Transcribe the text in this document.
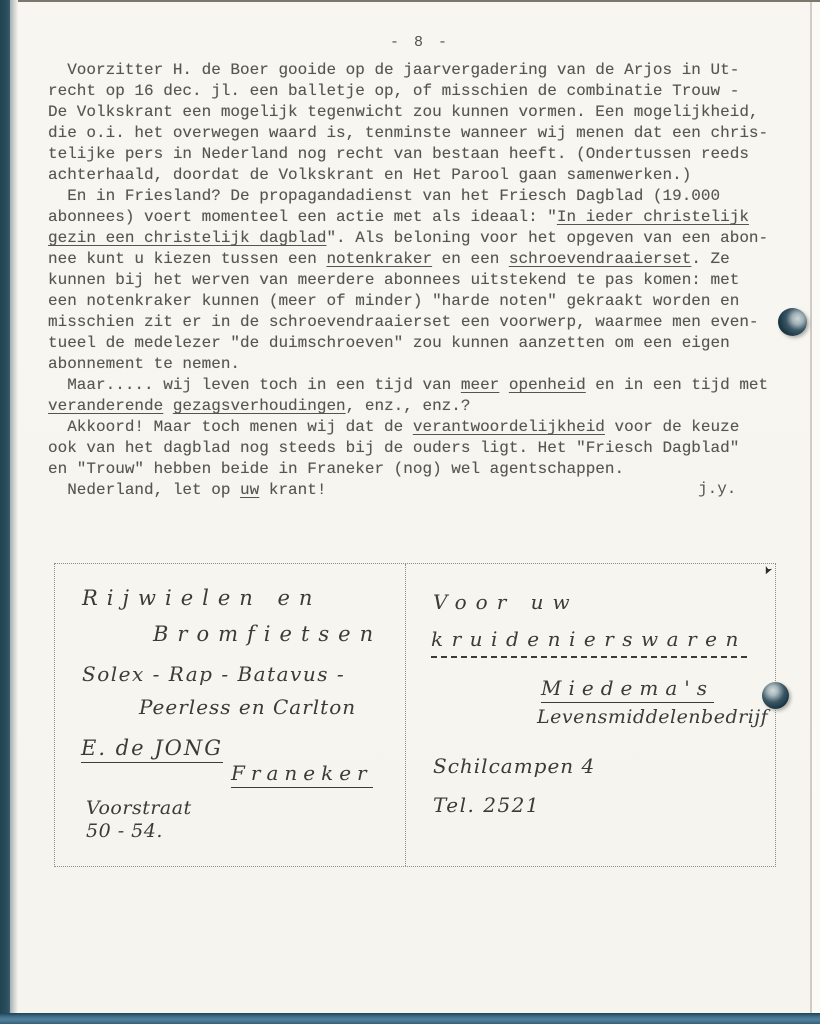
- 8 -
Voorzitter H. de Boer gooide op de jaarvergadering van de Arjos in Ut-
recht op 16 dec. jl. een balletje op, of misschien de combinatie Trouw -
De Volkskrant een mogelijk tegenwicht zou kunnen vormen. Een mogelijkheid,
die o.i. het overwegen waard is, tenminste wanneer wij menen dat een chris-
telijke pers in Nederland nog recht van bestaan heeft. (Ondertussen reeds
achterhaald, doordat de Volkskrant en Het Parool gaan samenwerken.)
En in Friesland? De propagandadienst van het Friesch Dagblad (19.000
abonnees) voert momenteel een actie met als ideaal: "In ieder christelijk
gezin een christelijk dagblad". Als beloning voor het opgeven van een abon-
nee kunt u kiezen tussen een notenkraker en een schroevendraaierset. Ze
kunnen bij het werven van meerdere abonnees uitstekend te pas komen: met
een notenkraker kunnen (meer of minder) "harde noten" gekraakt worden en
misschien zit er in de schroevendraaierset een voorwerp, waarmee men even-
tueel de medelezer "de duimschroeven" zou kunnen aanzetten om een eigen
abonnement te nemen.
Maar..... wij leven toch in een tijd van meer openheid en in een tijd met
veranderende gezagsverhoudingen, enz., enz.?
Akkoord! Maar toch menen wij dat de verantwoordelijkheid voor de keuze
ook van het dagblad nog steeds bij de ouders ligt. Het "Friesch Dagblad"
en "Trouw" hebben beide in Franeker (nog) wel agentschappen.
Nederland, let op uw krant!	j.y.
➤
Rijwielen en
Bromfietsen
Solex - Rap - Batavus -
Peerless en Carlton
E. de JONG
Franeker
Voorstraat
50 - 54.
Voor uw
kruidenierswaren
Miedema's
Levensmiddelenbedrijf
Schilcampen 4
Tel. 2521
